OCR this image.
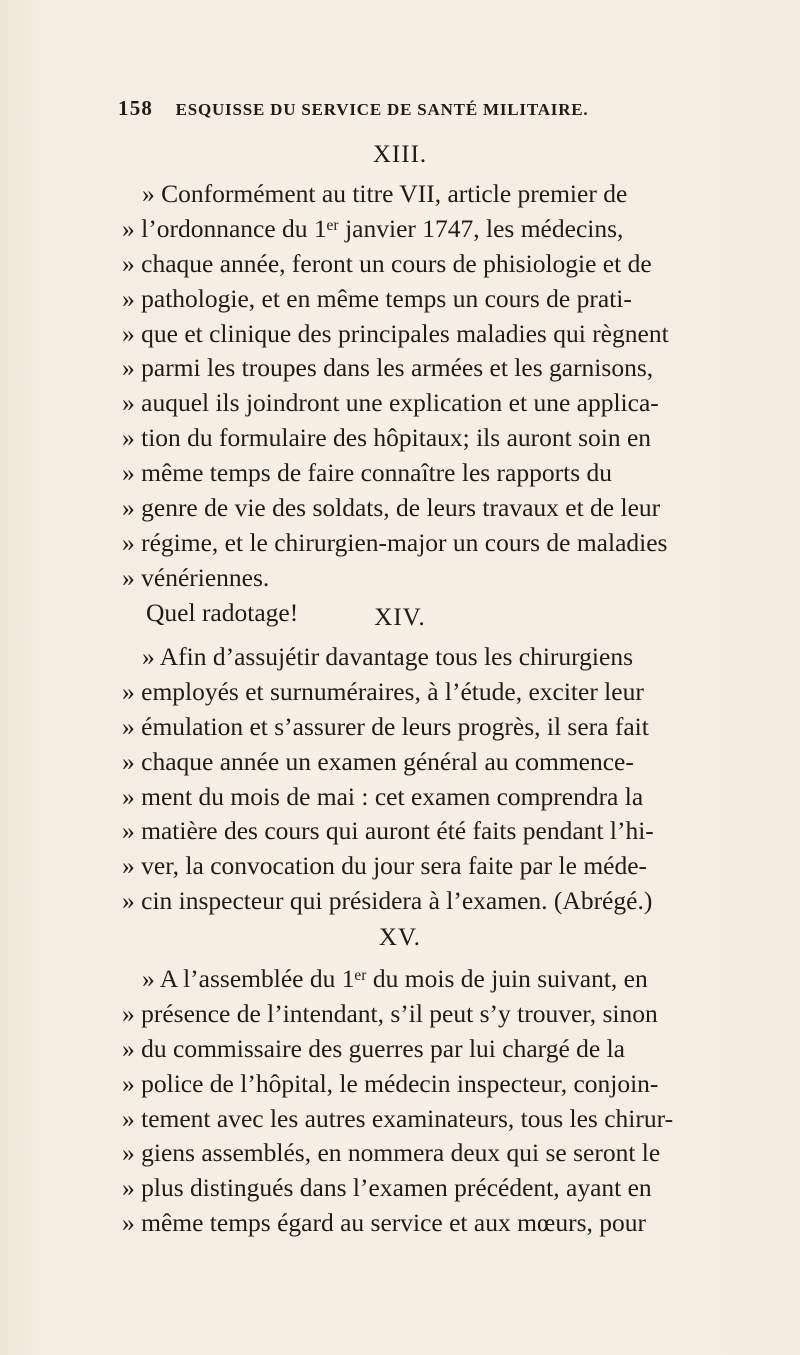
158 ESQUISSE DU SERVICE DE SANTÉ MILITAIRE.
XIII.
» Conformément au titre VII, article premier de
» l’ordonnance du 1ᵉʳ janvier 1747, les médecins,
» chaque année, feront un cours de phisiologie et de
» pathologie, et en même temps un cours de prati-
» que et clinique des principales maladies qui règnent
» parmi les troupes dans les armées et les garnisons,
» auquel ils joindront une explication et une applica-
» tion du formulaire des hôpitaux; ils auront soin en
» même temps de faire connaître les rapports du
» genre de vie des soldats, de leurs travaux et de leur
» régime, et le chirurgien-major un cours de maladies
» vénériennes.
Quel radotage!	XIV.
» Afin d’assujétir davantage tous les chirurgiens
» employés et surnuméraires, à l’étude, exciter leur
» émulation et s’assurer de leurs progrès, il sera fait
» chaque année un examen général au commence-
» ment du mois de mai : cet examen comprendra la
» matière des cours qui auront été faits pendant l’hi-
» ver, la convocation du jour sera faite par le méde-
» cin inspecteur qui présidera à l’examen. (Abrégé.)
XV.
» A l’assemblée du 1ᵉʳ du mois de juin suivant, en
» présence de l’intendant, s’il peut s’y trouver, sinon
» du commissaire des guerres par lui chargé de la
» police de l’hôpital, le médecin inspecteur, conjoin-
» tement avec les autres examinateurs, tous les chirur-
» giens assemblés, en nommera deux qui se seront le
» plus distingués dans l’examen précédent, ayant en
» même temps égard au service et aux mœurs, pour
